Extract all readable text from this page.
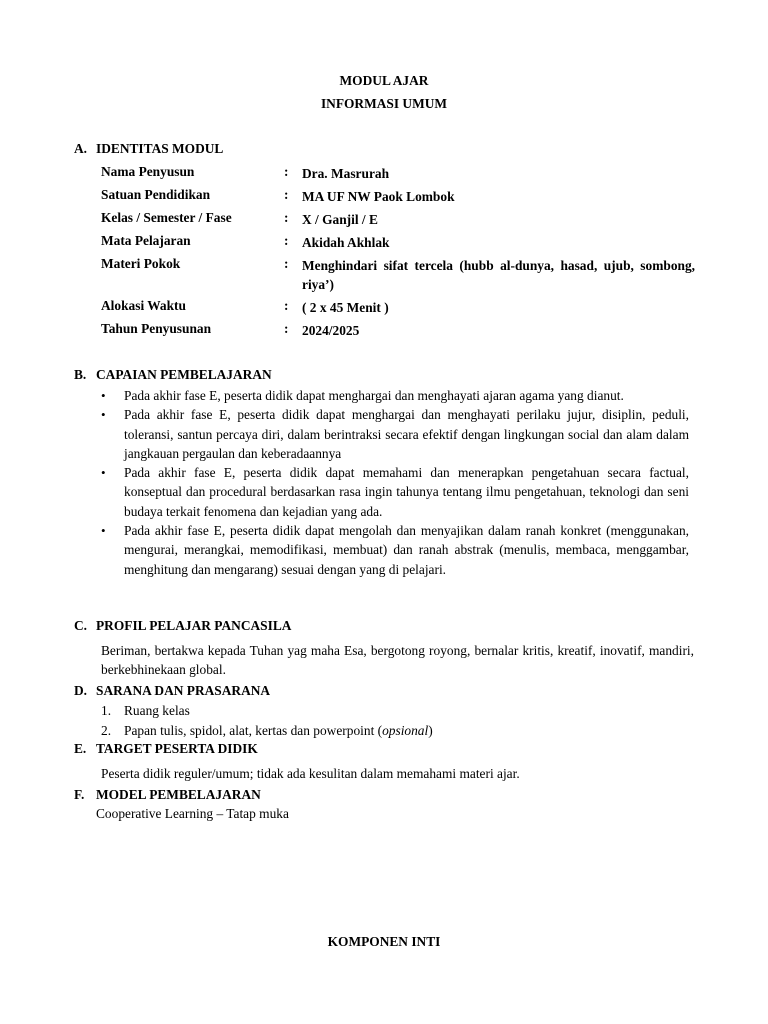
MODUL AJAR
INFORMASI UMUM
A. IDENTITAS MODUL
Nama Penyusun	: Dra. Masrurah
Satuan Pendidikan	: MA UF NW Paok Lombok
Kelas / Semester / Fase	: X / Ganjil / E
Mata Pelajaran	: Akidah Akhlak
Materi Pokok	: Menghindari sifat tercela (hubb al-dunya, hasad, ujub, sombong, riya’)
Alokasi Waktu	: ( 2 x 45 Menit )
Tahun Penyusunan	: 2024/2025
B. CAPAIAN PEMBELAJARAN
• Pada akhir fase E, peserta didik dapat menghargai dan menghayati ajaran agama yang dianut.
• Pada akhir fase E, peserta didik dapat menghargai dan menghayati perilaku jujur, disiplin, peduli, toleransi, santun percaya diri, dalam berintraksi secara efektif dengan lingkungan social dan alam dalam jangkauan pergaulan dan keberadaannya
• Pada akhir fase E, peserta didik dapat memahami dan menerapkan pengetahuan secara factual, konseptual dan procedural berdasarkan rasa ingin tahunya tentang ilmu pengetahuan, teknologi dan seni budaya terkait fenomena dan kejadian yang ada.
• Pada akhir fase E, peserta didik dapat mengolah dan menyajikan dalam ranah konkret (menggunakan, mengurai, merangkai, memodifikasi, membuat) dan ranah abstrak (menulis, membaca, menggambar, menghitung dan mengarang) sesuai dengan yang di pelajari.
C. PROFIL PELAJAR PANCASILA
Beriman, bertakwa kepada Tuhan yag maha Esa, bergotong royong, bernalar kritis, kreatif, inovatif, mandiri, berkebhinekaan global.
D. SARANA DAN PRASARANA
1. Ruang kelas
2. Papan tulis, spidol, alat, kertas dan powerpoint (opsional)
E. TARGET PESERTA DIDIK
Peserta didik reguler/umum; tidak ada kesulitan dalam memahami materi ajar.
F. MODEL PEMBELAJARAN
Cooperative Learning – Tatap muka
KOMPONEN INTI
